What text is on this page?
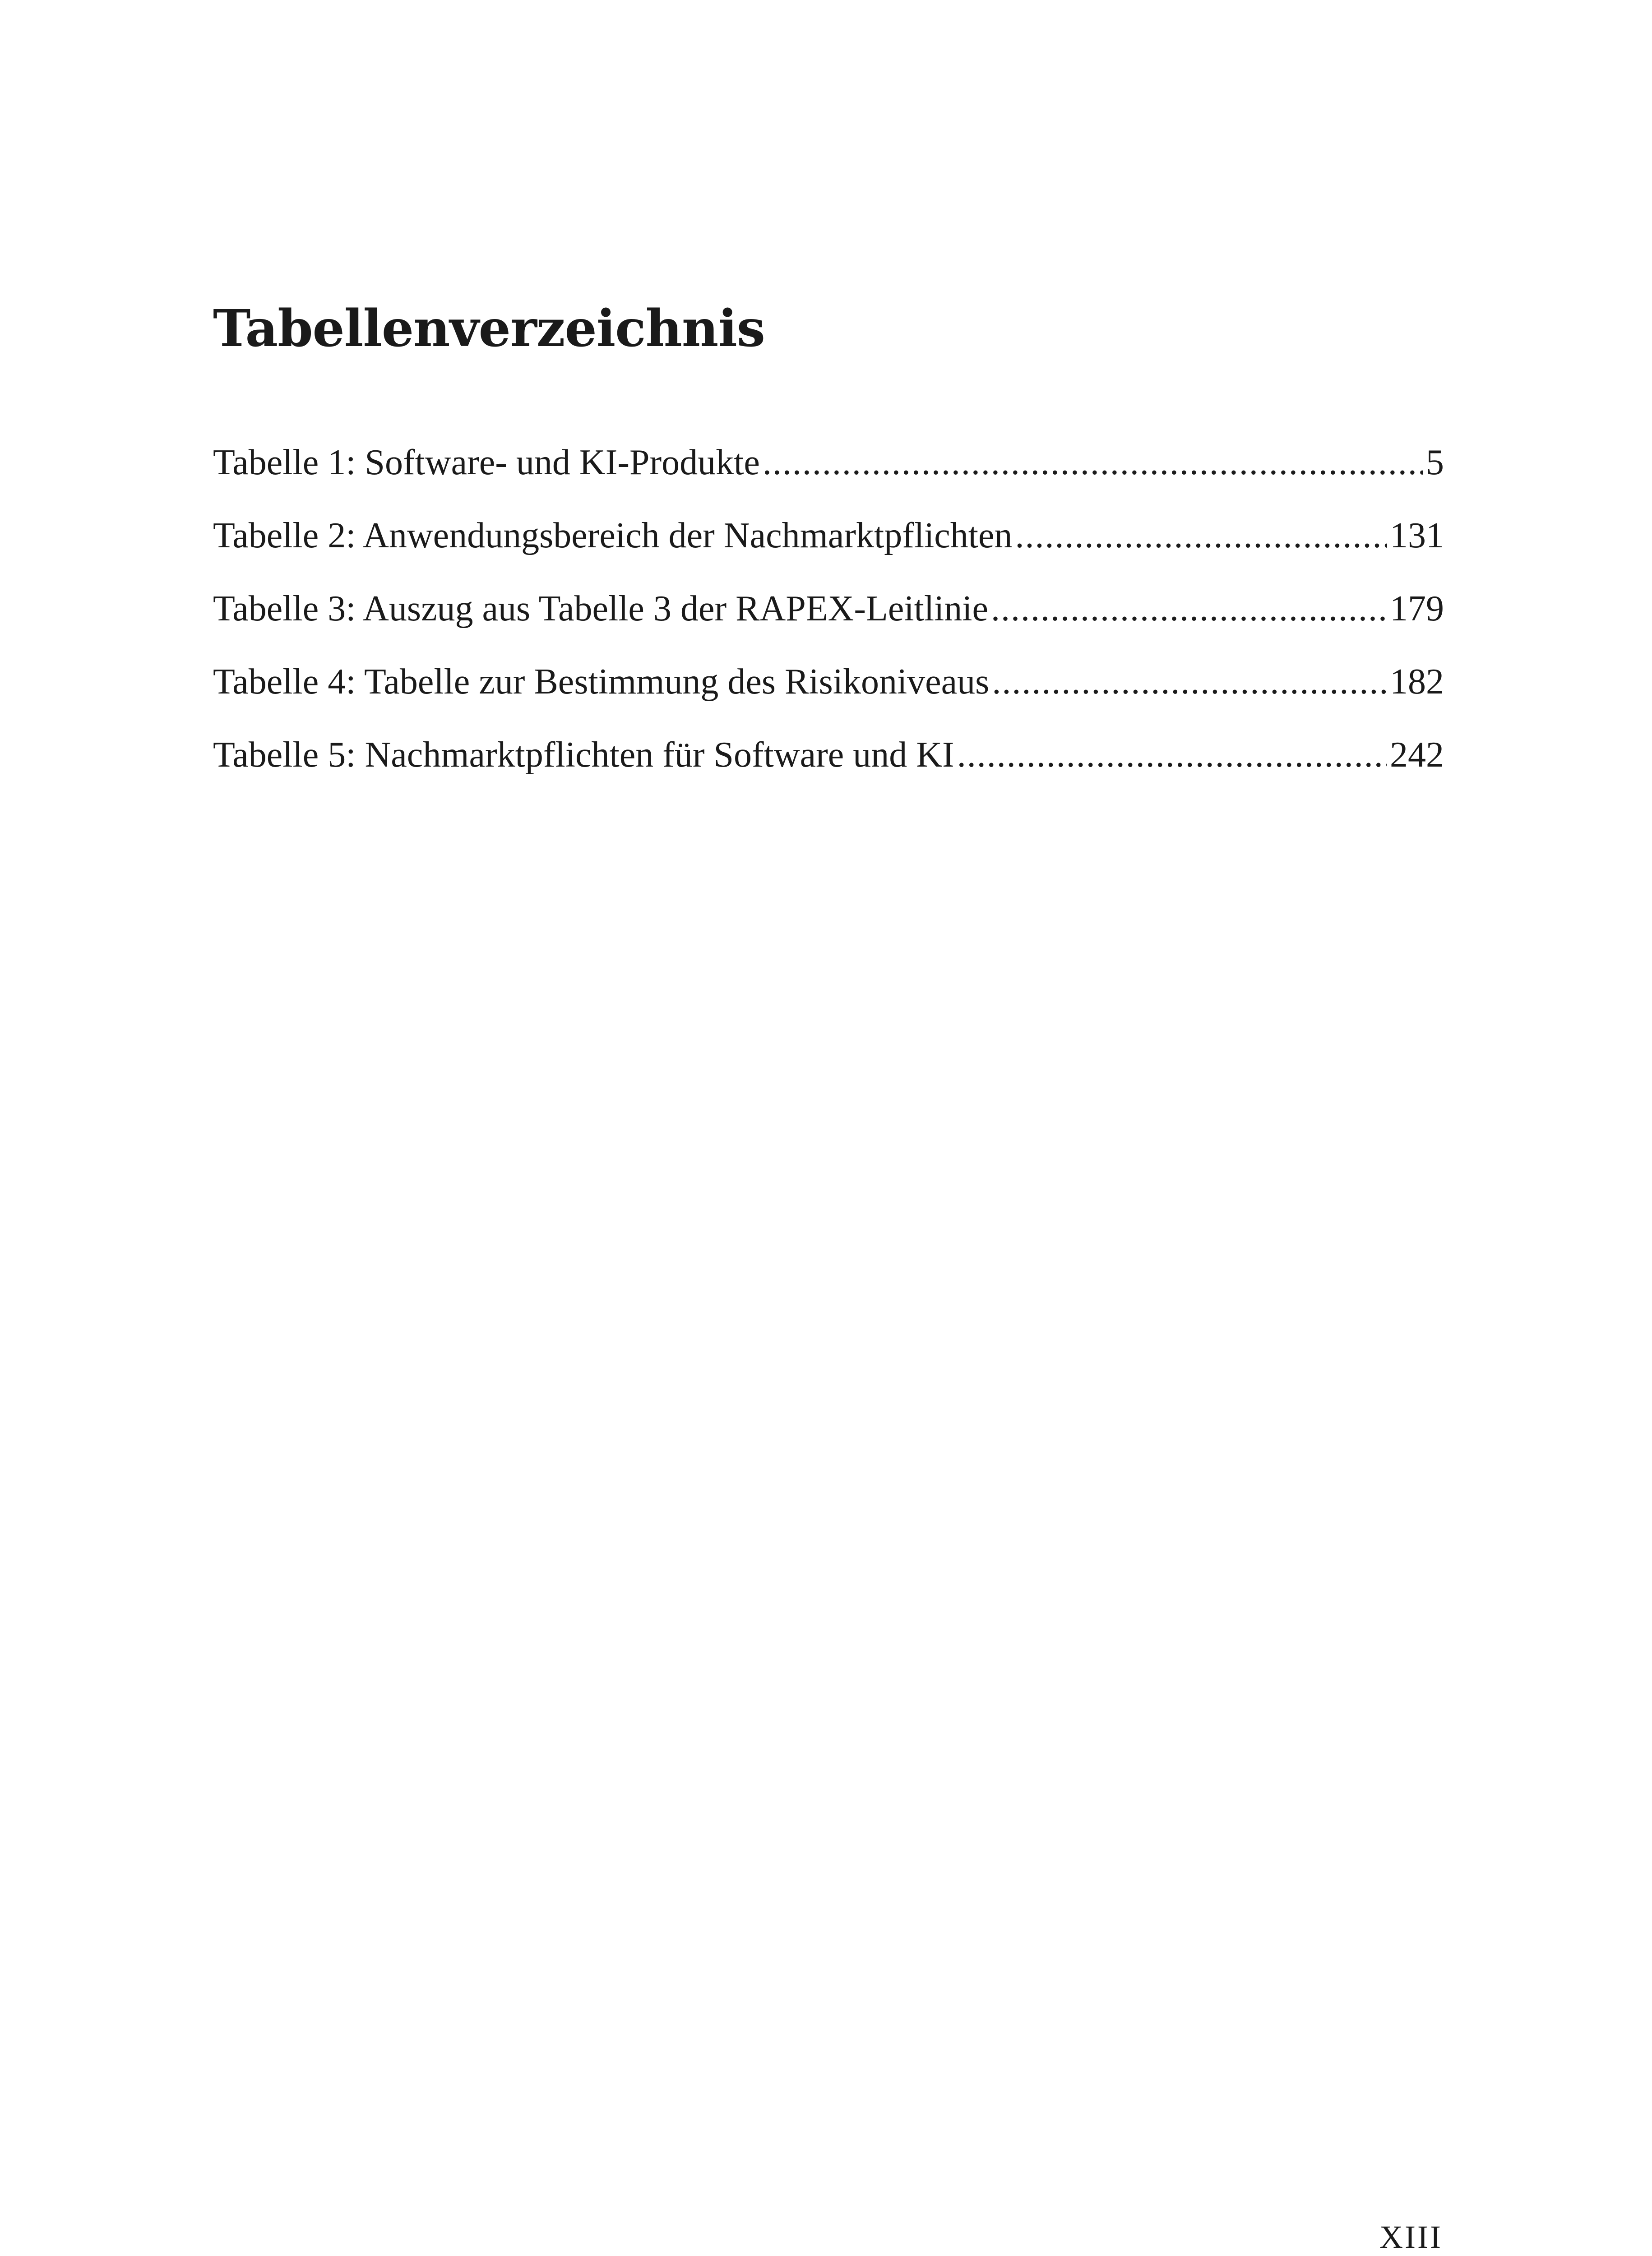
Tabellenverzeichnis
Tabelle 1: Software- und KI-Produkte .....	5
Tabelle 2: Anwendungsbereich der Nachmarktpflichten .....	131
Tabelle 3: Auszug aus Tabelle 3 der RAPEX-Leitlinie .....	179
Tabelle 4: Tabelle zur Bestimmung des Risikoniveaus .....	182
Tabelle 5: Nachmarktpflichten für Software und KI .....	242
XIII
